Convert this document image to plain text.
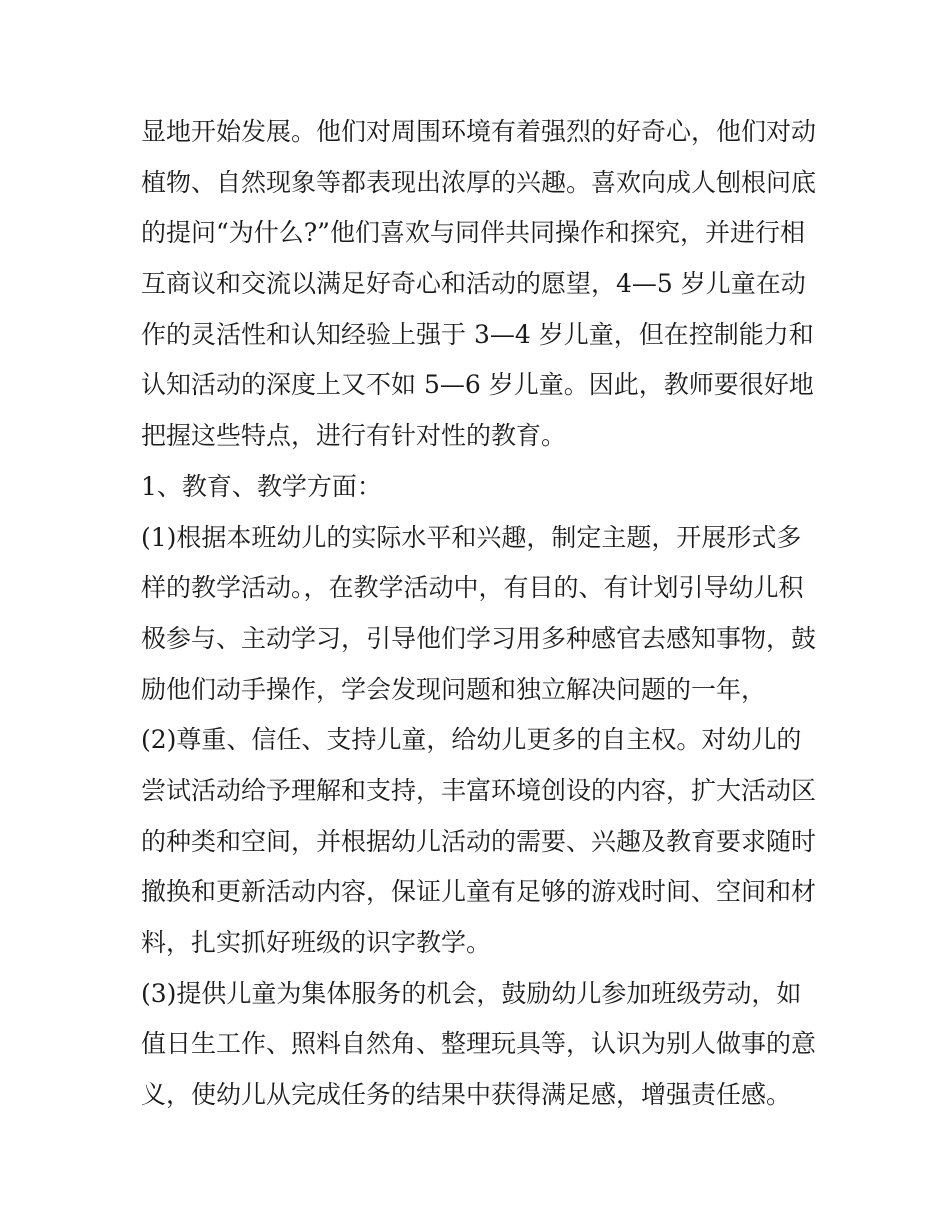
显地开始发展。他们对周围环境有着强烈的好奇心，他们对动
植物、自然现象等都表现出浓厚的兴趣。喜欢向成人刨根问底
的提问“为什么?”他们喜欢与同伴共同操作和探究，并进行相
互商议和交流以满足好奇心和活动的愿望，4—5 岁儿童在动
作的灵活性和认知经验上强于 3—4 岁儿童，但在控制能力和
认知活动的深度上又不如 5—6 岁儿童。因此，教师要很好地
把握这些特点，进行有针对性的教育。
1、教育、教学方面：
(1)根据本班幼儿的实际水平和兴趣，制定主题，开展形式多
样的教学活动。，在教学活动中，有目的、有计划引导幼儿积
极参与、主动学习，引导他们学习用多种感官去感知事物，鼓
励他们动手操作，学会发现问题和独立解决问题的一年，
(2)尊重、信任、支持儿童，给幼儿更多的自主权。对幼儿的
尝试活动给予理解和支持，丰富环境创设的内容，扩大活动区
的种类和空间，并根据幼儿活动的需要、兴趣及教育要求随时
撤换和更新活动内容，保证儿童有足够的游戏时间、空间和材
料，扎实抓好班级的识字教学。
(3)提供儿童为集体服务的机会，鼓励幼儿参加班级劳动，如
值日生工作、照料自然角、整理玩具等，认识为别人做事的意
义，使幼儿从完成任务的结果中获得满足感，增强责任感。
